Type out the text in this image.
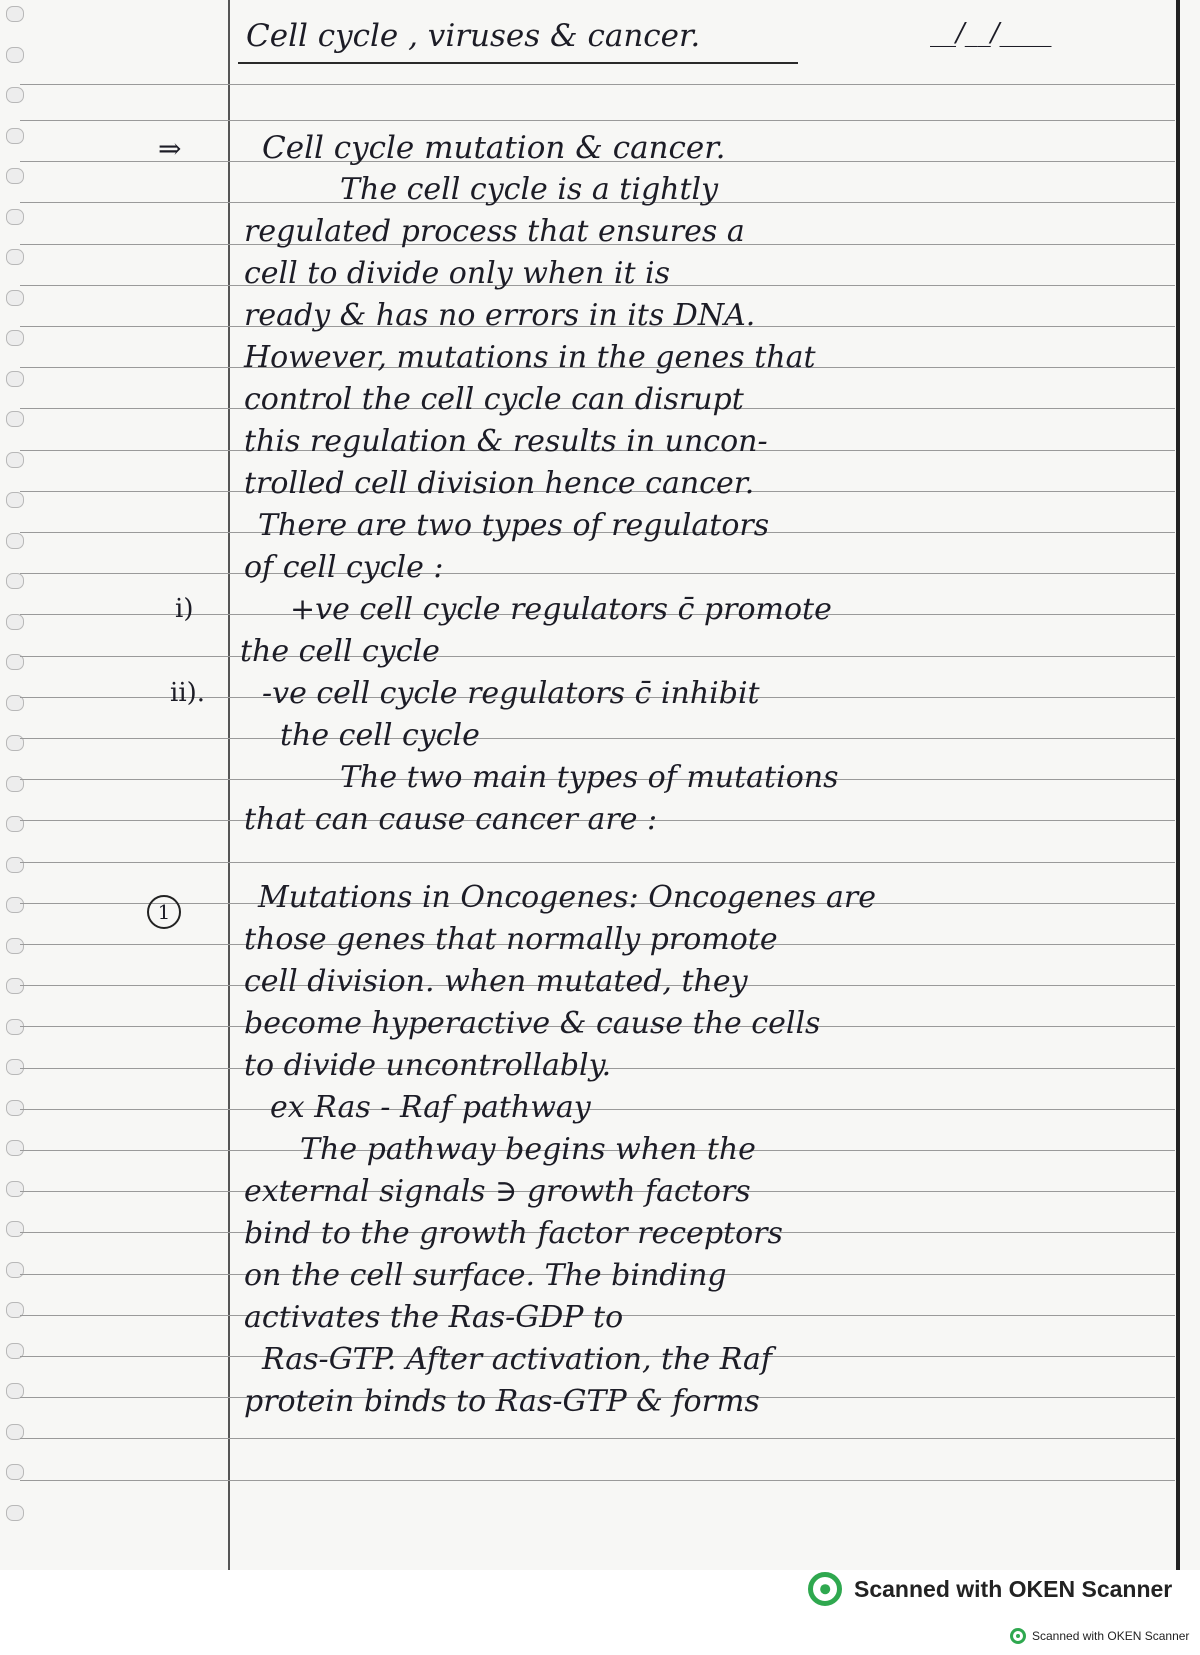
Cell cycle , viruses & cancer.	__/__/____
⇒	Cell cycle mutation & cancer.
i)
ii).
1
The cell cycle is a tightly
regulated process that ensures a
cell to divide only when it is
ready & has no errors in its DNA.
However, mutations in the genes that
control the cell cycle can disrupt
this regulation & results in uncon-
trolled cell division hence cancer.
There are two types of regulators
of cell cycle :
+ve cell cycle regulators c̄ promote
the cell cycle
-ve cell cycle regulators c̄ inhibit
the cell cycle
The two main types of mutations
that can cause cancer are :
Mutations in Oncogenes: Oncogenes are
those genes that normally promote
cell division. when mutated, they
become hyperactive & cause the cells
to divide uncontrollably.
ex Ras - Raf pathway
The pathway begins when the
external signals ∋ growth factors
bind to the growth factor receptors
on the cell surface. The binding
activates the Ras-GDP to
Ras-GTP. After activation, the Raf
protein binds to Ras-GTP & forms
Scanned with OKEN Scanner
Scanned with OKEN Scanner
